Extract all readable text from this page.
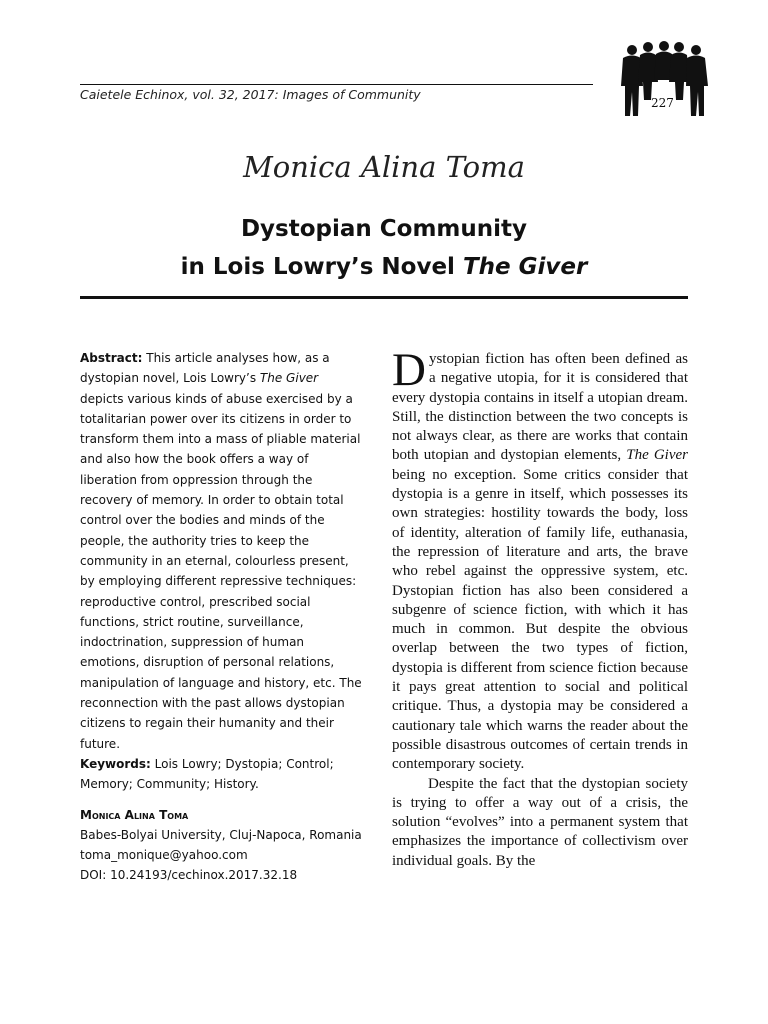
Caietele Echinox, vol. 32, 2017: Images of Community
227
Monica Alina Toma
Dystopian Community
in Lois Lowry’s Novel The Giver

Abstract: This article analyses how, as a dystopian novel, Lois Lowry’s The Giver depicts various kinds of abuse exercised by a totalitarian power over its citizens in order to transform them into a mass of pliable material and also how the book offers a way of liberation from oppression through the recovery of memory. In order to obtain total control over the bodies and minds of the people, the authority tries to keep the community in an eternal, colourless present, by employing different repressive techniques: reproductive control, prescribed social functions, strict routine, surveillance, indoctrination, suppression of human emotions, disruption of personal relations, manipulation of language and history, etc. The reconnection with the past allows dystopian citizens to regain their humanity and their future.

Keywords: Lois Lowry; Dystopia; Control; Memory; Community; History.

Monica Alina Toma

Babes-Bolyai University, Cluj-Napoca, Romania

toma_monique@yahoo.com

DOI: 10.24193/cechinox.2017.32.18

Dystopian fiction has often been defined as a negative utopia, for it is considered that every dystopia contains in itself a utopian dream. Still, the distinction between the two concepts is not always clear, as there are works that contain both utopian and dystopian elements, The Giver being no exception. Some critics consider that dystopia is a genre in itself, which possesses its own strategies: hostility towards the body, loss of identity, alteration of family life, euthanasia, the repression of literature and arts, the brave who rebel against the oppressive system, etc. Dystopian fiction has also been considered a subgenre of science fiction, with which it has much in common. But despite the obvious overlap between the two types of fiction, dystopia is different from science fiction because it pays great attention to social and political critique. Thus, a dystopia may be considered a cautionary tale which warns the reader about the possible disastrous outcomes of certain trends in contemporary society.

Despite the fact that the dystopian society is trying to offer a way out of a crisis, the solution “evolves” into a permanent system that emphasizes the importance of collectivism over individual goals. By the
